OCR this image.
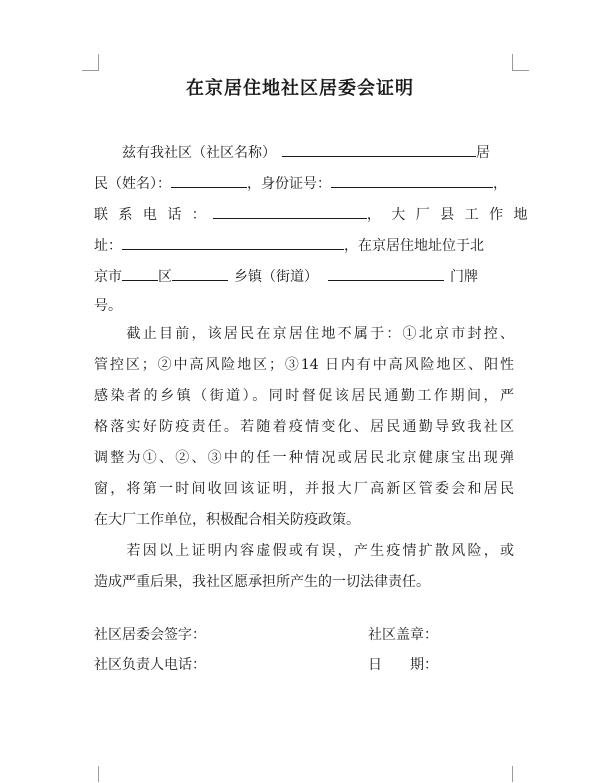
在京居住地社区居委会证明
兹有我社区（社区名称）	居
民（姓名）：	，身份证号：	，
联 系 电 话 ：	， 大 厂 县 工 作 地
址：	，在京居住地址位于北
京市	区	乡镇（街道）	门牌
号。
　　截止目前，该居民在京居住地不属于：①北京市封控、
管控区；②中高风险地区；③14 日内有中高风险地区、阳性
感染者的乡镇（街道）。同时督促该居民通勤工作期间，严
格落实好防疫责任。若随着疫情变化、居民通勤导致我社区
调整为①、②、③中的任一种情况或居民北京健康宝出现弹
窗，将第一时间收回该证明，并报大厂高新区管委会和居民
在大厂工作单位，积极配合相关防疫政策。
　　若因以上证明内容虚假或有误，产生疫情扩散风险，或
造成严重后果，我社区愿承担所产生的一切法律责任。
社区居委会签字：	社区盖章：
社区负责人电话：	日　　期：
